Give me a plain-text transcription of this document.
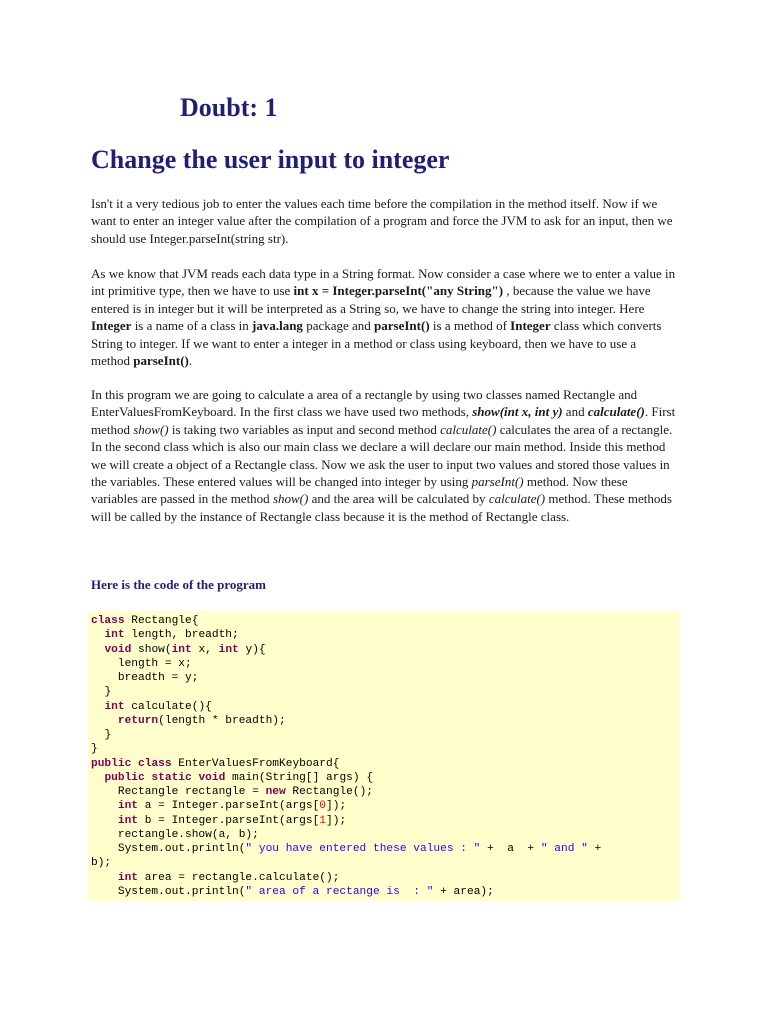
Doubt: 1
Change the user input to integer

Isn't it a very tedious job to enter the values each time before the compilation in the method itself. Now if we want to enter an integer value after the compilation of a program and force the JVM to ask for an input, then we should use Integer.parseInt(string str).

As we know that JVM reads each data type in a String format. Now consider a case where we to enter a value in int primitive type, then we have to use int x = Integer.parseInt("any String") , because the value we have entered is in integer but it will be interpreted as a String so, we have to change the string into integer. Here Integer is a name of a class in java.lang package and parseInt() is a method of Integer class which converts String to integer. If we want to enter a integer in a method or class using keyboard, then we have to use a method parseInt().

In this program we are going to calculate a area of a rectangle by using two classes named Rectangle and EnterValuesFromKeyboard. In the first class we have used two methods, show(int x, int y) and calculate(). First method show() is taking two variables as input and second method calculate() calculates the area of a rectangle. In the second class which is also our main class we declare a will declare our main method. Inside this method we will create a object of a Rectangle class. Now we ask the user to input two values and stored those values in the variables. These entered values will be changed into integer by using parseInt() method. Now these variables are passed in the method show() and the area will be calculated by calculate() method. These methods will be called by the instance of Rectangle class because it is the method of Rectangle class.

Here is the code of the program

class Rectangle{
int length, breadth;
void show(int x, int y){
length = x;
breadth = y;
}
int calculate(){
return(length * breadth);
}
}
public class EnterValuesFromKeyboard{
public static void main(String[] args) {
Rectangle rectangle = new Rectangle();
int a = Integer.parseInt(args[0]);
int b = Integer.parseInt(args[1]);
rectangle.show(a, b);
System.out.println(" you have entered these values : " +  a  + " and " +
b);
int area = rectangle.calculate();
System.out.println(" area of a rectange is  : " + area);
